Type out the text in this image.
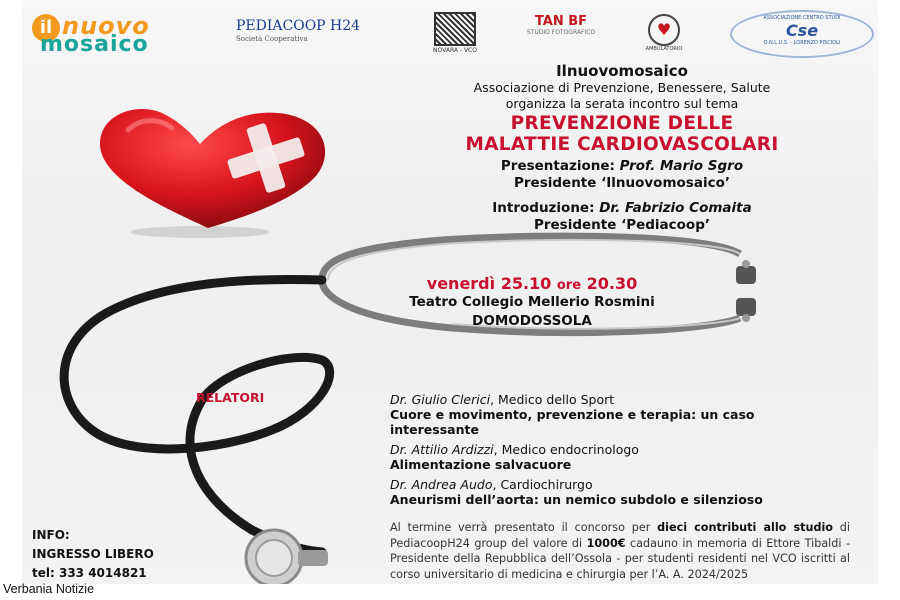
il nuovo
mosaico
PEDIACOOP H24
Società Cooperativa
NOVARA - VCO
TAN BF
STUDIO FOTOGRAFICO	♥
AMBULATORIO
ASSOCIAZIONE CENTRO STUDI
Cse
O.N.L.U.S. - LORENZO PISCIOLI
Ilnuovomosaico
Associazione di Prevenzione, Benessere, Salute
organizza la serata incontro sul tema
PREVENZIONE DELLE
MALATTIE CARDIOVASCOLARI
Presentazione: Prof. Mario Sgro
Presidente ‘Ilnuovomosaico’
Introduzione: Dr. Fabrizio Comaita
Presidente ‘Pediacoop’
venerdì 25.10 ore 20.30
Teatro Collegio Mellerio Rosmini
DOMODOSSOLA
RELATORI	Dr. Giulio Clerici, Medico dello Sport
Cuore e movimento, prevenzione e terapia: un caso interessante
Dr. Attilio Ardizzi, Medico endocrinologo
Alimentazione salvacuore
Dr. Andrea Audo, Cardiochirurgo
Aneurismi dell’aorta: un nemico subdolo e silenzioso
INFO:
INGRESSO LIBERO
tel: 333 4014821
Al termine verrà presentato il concorso per dieci contributi allo studio di PediacoopH24 group del valore di 1000€ cadauno in memoria di Ettore Tibaldi - Presidente della Repubblica dell’Ossola - per studenti residenti nel VCO iscritti al corso universitario di medicina e chirurgia per l’A. A. 2024/2025
Verbania Notizie
